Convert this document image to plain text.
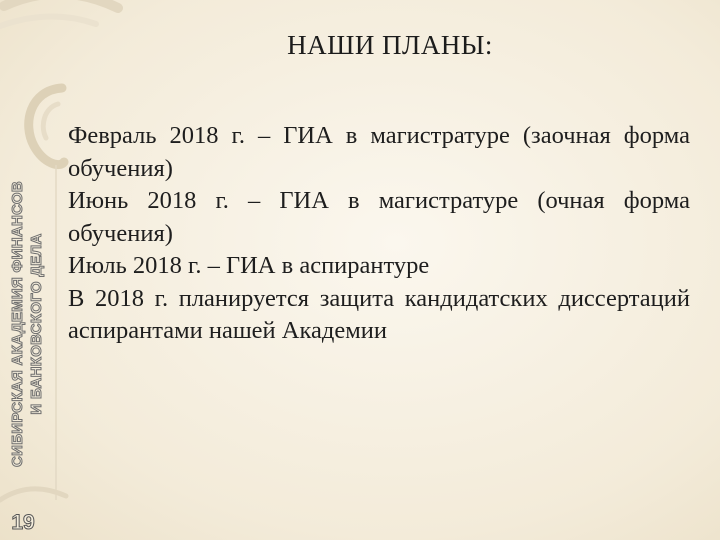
НАШИ ПЛАНЫ:
СИБИРСКАЯ АКАДЕМИЯ ФИНАНСОВ И БАНКОВСКОГО ДЕЛА
19

Февраль 2018 г. – ГИА в магистратуре (заочная форма обучения)

Июнь 2018 г. – ГИА в магистратуре (очная форма обучения)

Июль 2018 г. – ГИА в аспирантуре

В 2018 г. планируется защита кандидатских диссертаций аспирантами нашей Академии
